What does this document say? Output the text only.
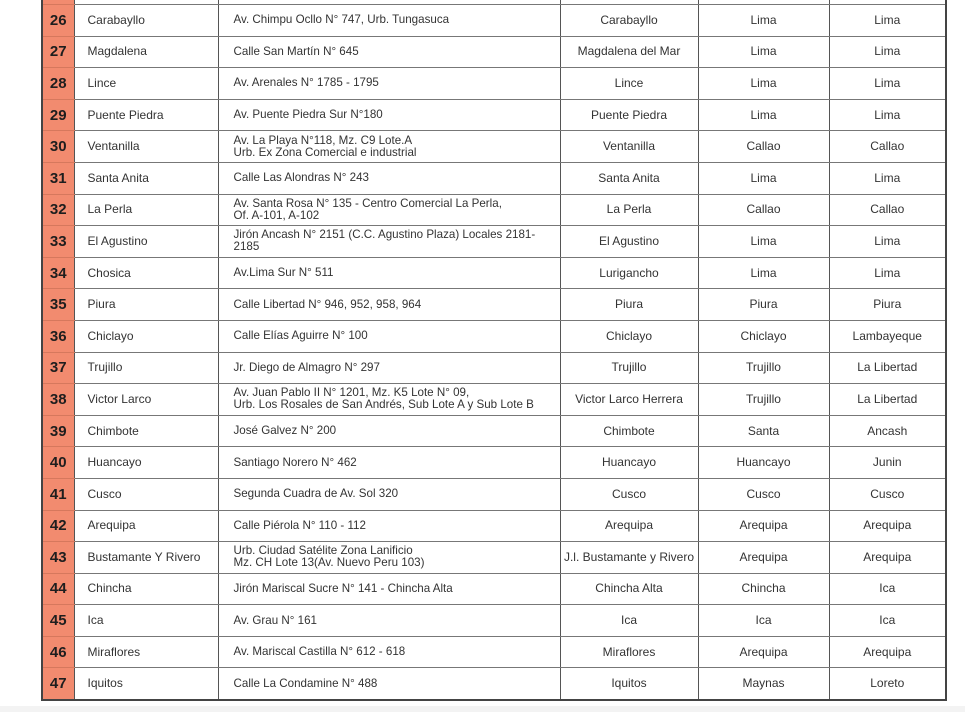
26	Carabayllo	Av. Chimpu Ocllo N° 747, Urb. Tungasuca	Carabayllo	Lima	Lima
27	Magdalena	Calle San Martín N° 645	Magdalena del Mar	Lima	Lima
28	Lince	Av. Arenales N° 1785 - 1795	Lince	Lima	Lima
29	Puente Piedra	Av. Puente Piedra Sur N°180	Puente Piedra	Lima	Lima
30	Ventanilla	Av. La Playa N°118, Mz. C9 Lote.A
Urb. Ex Zona Comercial e industrial	Ventanilla	Callao	Callao
31	Santa Anita	Calle Las Alondras N° 243	Santa Anita	Lima	Lima
32	La Perla	Av. Santa Rosa N° 135 - Centro Comercial La Perla,
Of. A-101, A-102	La Perla	Callao	Callao
33	El Agustino	Jirón Ancash N° 2151 (C.C. Agustino Plaza) Locales 2181-2185	El Agustino	Lima	Lima
34	Chosica	Av.Lima Sur N° 511	Lurigancho	Lima	Lima
35	Piura	Calle Libertad N° 946, 952, 958, 964	Piura	Piura	Piura
36	Chiclayo	Calle Elías Aguirre N° 100	Chiclayo	Chiclayo	Lambayeque
37	Trujillo	Jr. Diego de Almagro N° 297	Trujillo	Trujillo	La Libertad
38	Victor Larco	Av. Juan Pablo II N° 1201, Mz. K5 Lote N° 09,
Urb. Los Rosales de San Andrés, Sub Lote A y Sub Lote B	Victor Larco Herrera	Trujillo	La Libertad
39	Chimbote	José Galvez N° 200	Chimbote	Santa	Ancash
40	Huancayo	Santiago Norero N° 462	Huancayo	Huancayo	Junin
41	Cusco	Segunda Cuadra de Av. Sol 320	Cusco	Cusco	Cusco
42	Arequipa	Calle Piérola N° 110 - 112	Arequipa	Arequipa	Arequipa
43	Bustamante Y Rivero	Urb. Ciudad Satélite Zona Lanificio
Mz. CH Lote 13(Av. Nuevo Peru 103)	J.l. Bustamante y Rivero	Arequipa	Arequipa
44	Chincha	Jirón Mariscal Sucre N° 141 - Chincha Alta	Chincha Alta	Chincha	Ica
45	Ica	Av. Grau N° 161	Ica	Ica	Ica
46	Miraflores	Av. Mariscal Castilla N° 612 - 618	Miraflores	Arequipa	Arequipa
47	Iquitos	Calle La Condamine N° 488	Iquitos	Maynas	Loreto
